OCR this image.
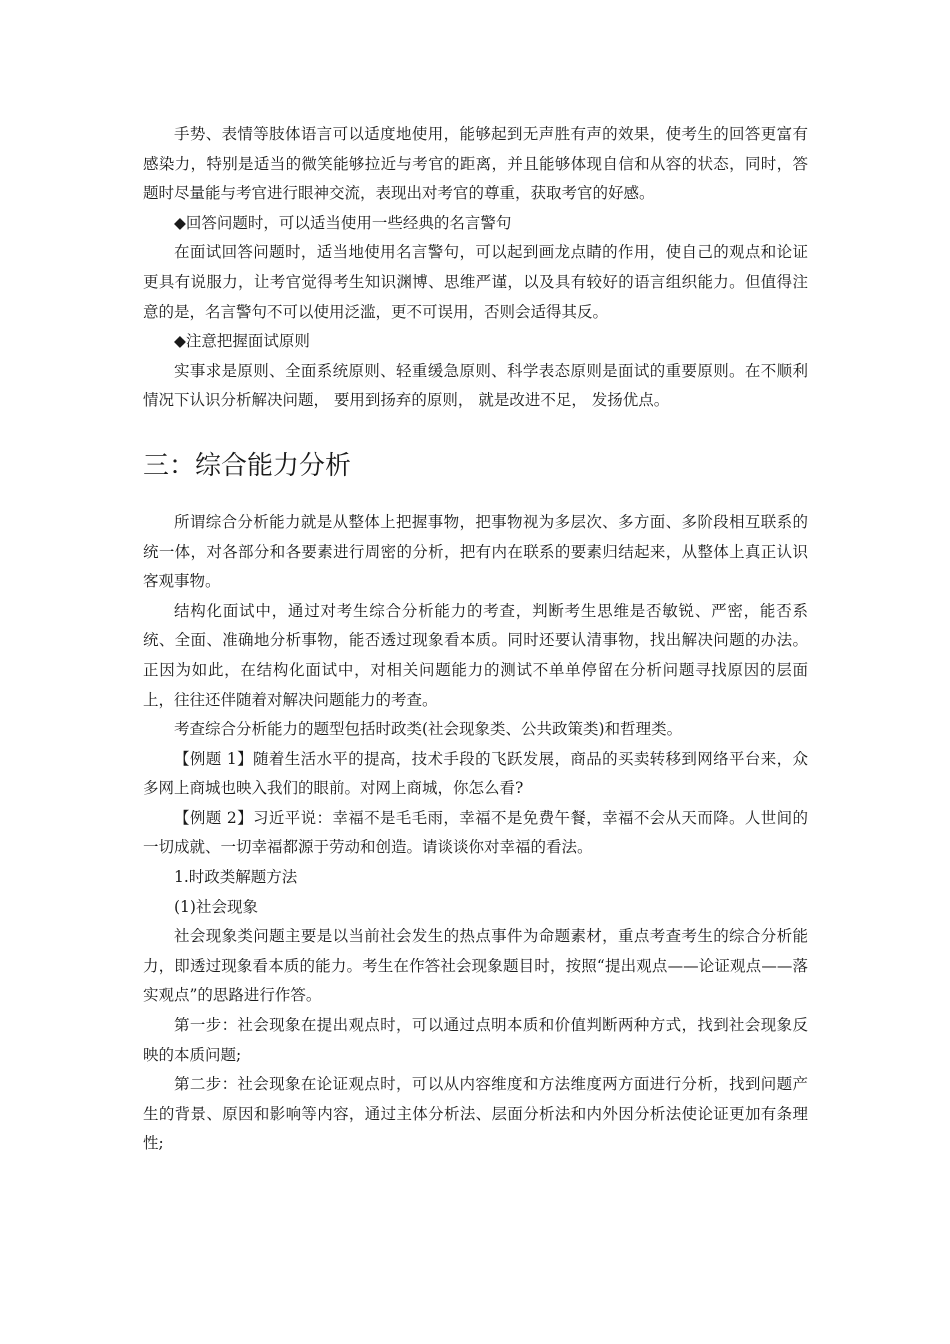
手势、表情等肢体语言可以适度地使用，能够起到无声胜有声的效果，使考生的回答更富有感染力，特别是适当的微笑能够拉近与考官的距离，并且能够体现自信和从容的状态，同时，答题时尽量能与考官进行眼神交流，表现出对考官的尊重，获取考官的好感。

◆回答问题时，可以适当使用一些经典的名言警句

在面试回答问题时，适当地使用名言警句，可以起到画龙点睛的作用，使自己的观点和论证更具有说服力，让考官觉得考生知识渊博、思维严谨，以及具有较好的语言组织能力。但值得注意的是，名言警句不可以使用泛滥，更不可误用，否则会适得其反。

◆注意把握面试原则

实事求是原则、全面系统原则、轻重缓急原则、科学表态原则是面试的重要原则。在不顺利情况下认识分析解决问题， 要用到扬弃的原则， 就是改进不足， 发扬优点。

三：综合能力分析

所谓综合分析能力就是从整体上把握事物，把事物视为多层次、多方面、多阶段相互联系的统一体，对各部分和各要素进行周密的分析，把有内在联系的要素归结起来，从整体上真正认识客观事物。

结构化面试中，通过对考生综合分析能力的考查，判断考生思维是否敏锐、严密，能否系统、全面、准确地分析事物，能否透过现象看本质。同时还要认清事物，找出解决问题的办法。正因为如此，在结构化面试中，对相关问题能力的测试不单单停留在分析问题寻找原因的层面上，往往还伴随着对解决问题能力的考查。

考查综合分析能力的题型包括时政类(社会现象类、公共政策类)和哲理类。

【例题 1】随着生活水平的提高，技术手段的飞跃发展，商品的买卖转移到网络平台来，众多网上商城也映入我们的眼前。对网上商城，你怎么看?

【例题 2】习近平说：幸福不是毛毛雨，幸福不是免费午餐，幸福不会从天而降。人世间的一切成就、一切幸福都源于劳动和创造。请谈谈你对幸福的看法。

1.时政类解题方法

(1)社会现象

社会现象类问题主要是以当前社会发生的热点事件为命题素材，重点考查考生的综合分析能力，即透过现象看本质的能力。考生在作答社会现象题目时，按照“提出观点——论证观点——落实观点”的思路进行作答。

第一步：社会现象在提出观点时，可以通过点明本质和价值判断两种方式，找到社会现象反映的本质问题;

第二步：社会现象在论证观点时，可以从内容维度和方法维度两方面进行分析，找到问题产生的背景、原因和影响等内容，通过主体分析法、层面分析法和内外因分析法使论证更加有条理性;
